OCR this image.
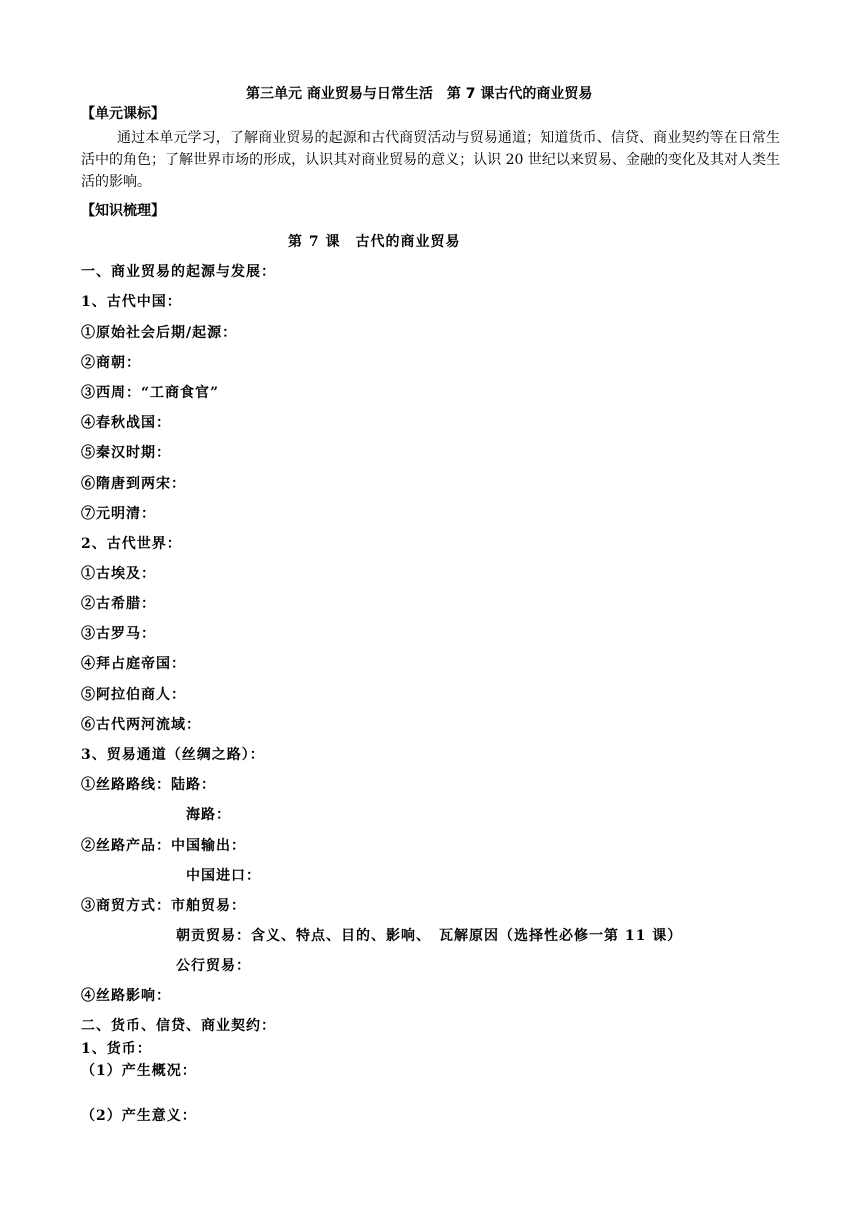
第三单元 商业贸易与日常生活　第 7 课古代的商业贸易
【单元课标】
通过本单元学习，了解商业贸易的起源和古代商贸活动与贸易通道；知道货币、信贷、商业契约等在日常生活中的角色；了解世界市场的形成，认识其对商业贸易的意义；认识 20 世纪以来贸易、金融的变化及其对人类生活的影响。
【知识梳理】
第 7 课　古代的商业贸易
一、商业贸易的起源与发展：
1、古代中国：
①原始社会后期/起源：
②商朝：
③西周：“工商食官”
④春秋战国：
⑤秦汉时期：
⑥隋唐到两宋：
⑦元明清：
2、古代世界：
①古埃及：
②古希腊：
③古罗马：
④拜占庭帝国：
⑤阿拉伯商人：
⑥古代两河流域：
3、贸易通道（丝绸之路）：
①丝路路线：陆路：
海路：
②丝路产品：中国输出：
中国进口：
③商贸方式：市舶贸易：
朝贡贸易：含义、特点、目的、影响、　瓦解原因（选择性必修一第 11 课）
公行贸易：
④丝路影响：
二、货币、信贷、商业契约：
1、货币：
（1）产生概况：
（2）产生意义：
